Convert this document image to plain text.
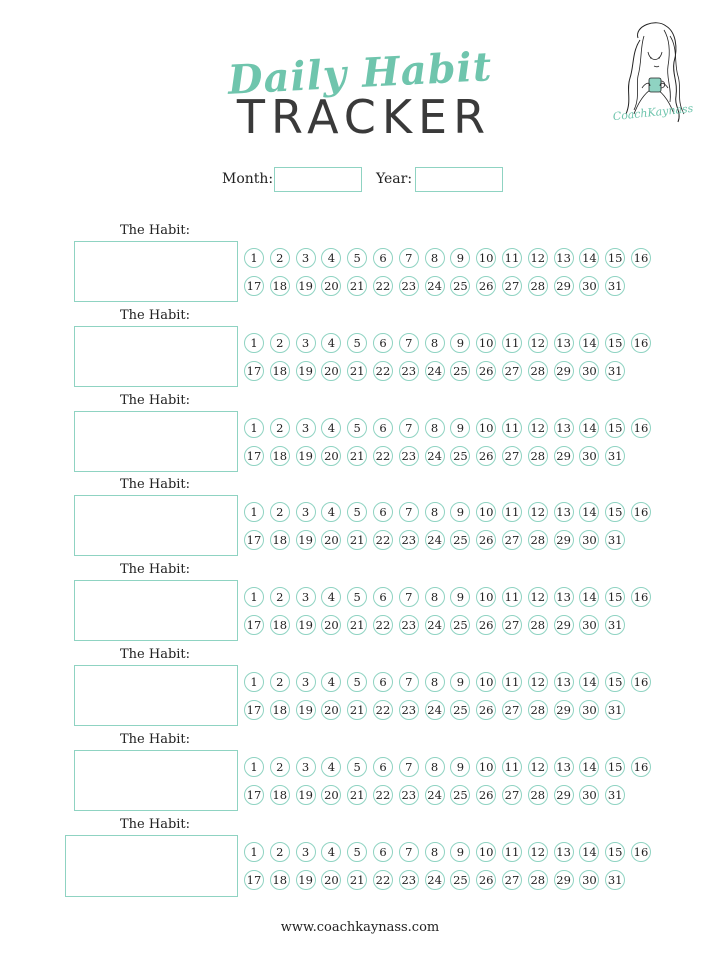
Daily Habit
TRACKER	CoachKaynass
Month:	Year:
The Habit:
1	2	3	4	5	6	7	8	9	10 11 12 13 14 15 16
17 18 19 20 21 22 23 24 25 26 27 28 29 30 31
The Habit:
1	2	3	4	5	6	7	8	9	10 11 12 13 14 15 16
17 18 19 20 21 22 23 24 25 26 27 28 29 30 31
The Habit:
1	2	3	4	5	6	7	8	9	10 11 12 13 14 15 16
17 18 19 20 21 22 23 24 25 26 27 28 29 30 31
The Habit:
1	2	3	4	5	6	7	8	9	10 11 12 13 14 15 16
17 18 19 20 21 22 23 24 25 26 27 28 29 30 31
The Habit:
1	2	3	4	5	6	7	8	9	10 11 12 13 14 15 16
17 18 19 20 21 22 23 24 25 26 27 28 29 30 31
The Habit:
1	2	3	4	5	6	7	8	9	10 11 12 13 14 15 16
17 18 19 20 21 22 23 24 25 26 27 28 29 30 31
The Habit:
1	2	3	4	5	6	7	8	9	10 11 12 13 14 15 16
17 18 19 20 21 22 23 24 25 26 27 28 29 30 31
The Habit:
1	2	3	4	5	6	7	8	9	10 11 12 13 14 15 16
17 18 19 20 21 22 23 24 25 26 27 28 29 30 31
www.coachkaynass.com
